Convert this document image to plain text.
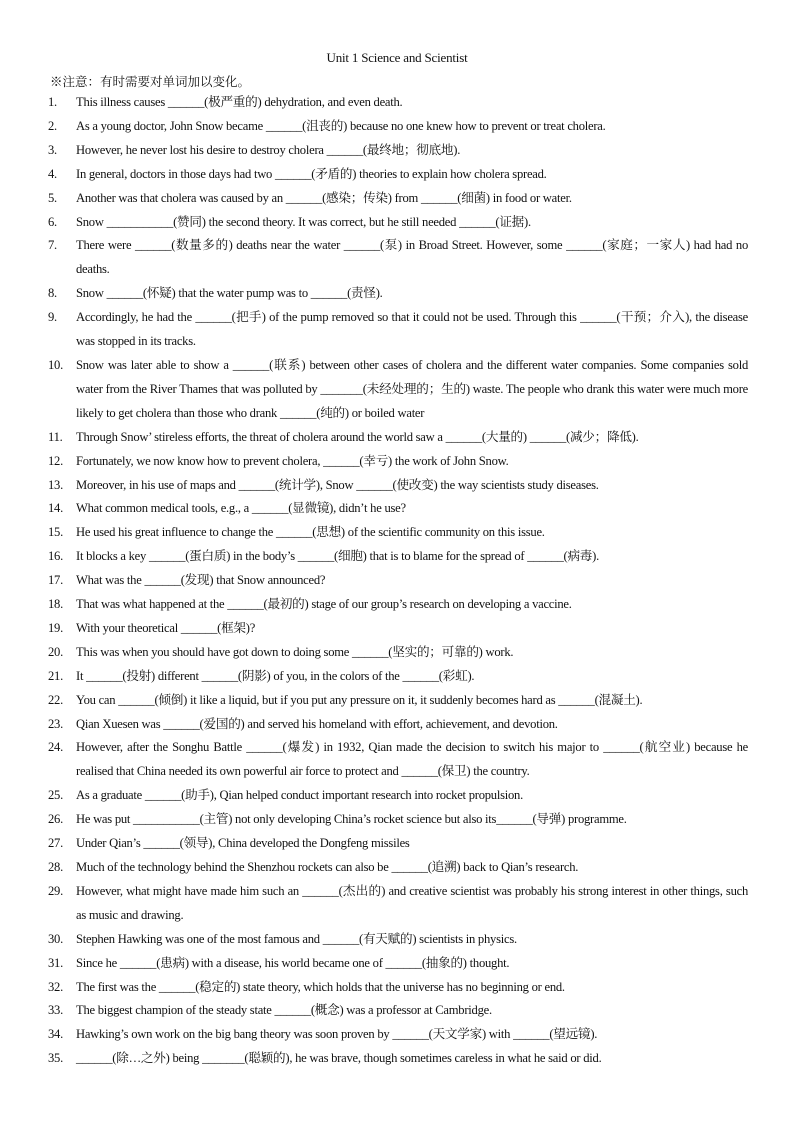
Unit 1 Science and Scientist
※注意：有时需要对单词加以变化。
1.	This illness causes ______(极严重的) dehydration, and even death.
2.	As a young doctor, John Snow became ______(沮丧的) because no one knew how to prevent or treat cholera.
3.	However, he never lost his desire to destroy cholera ______(最终地；彻底地).
4.	In general, doctors in those days had two ______(矛盾的) theories to explain how cholera spread.
5.	Another was that cholera was caused by an ______(感染；传染) from ______(细菌) in food or water.
6.	Snow ___________(赞同) the second theory. It was correct, but he still needed ______(证据).
7.	There were ______(数量多的) deaths near the water ______(泵) in Broad Street. However, some ______(家庭；一家人) had had no deaths.
8.	Snow ______(怀疑) that the water pump was to ______(责怪).
9.	Accordingly, he had the ______(把手) of the pump removed so that it could not be used. Through this ______(干预；介入), the disease was stopped in its tracks.
10.	Snow was later able to show a ______(联系) between other cases of cholera and the different water companies. Some companies sold water from the River Thames that was polluted by _______(未经处理的；生的) waste. The people who drank this water were much more likely to get cholera than those who drank ______(纯的) or boiled water
11.	Through Snow’ stireless efforts, the threat of cholera around the world saw a ______(大量的) ______(减少；降低).
12.	Fortunately, we now know how to prevent cholera, ______(幸亏) the work of John Snow.
13.	Moreover, in his use of maps and ______(统计学), Snow ______(使改变) the way scientists study diseases.
14.	What common medical tools, e.g., a ______(显微镜), didn’t he use?
15.	He used his great influence to change the ______(思想) of the scientific community on this issue.
16.	It blocks a key ______(蛋白质) in the body’s ______(细胞) that is to blame for the spread of ______(病毒).
17.	What was the ______(发现) that Snow announced?
18.	That was what happened at the ______(最初的) stage of our group’s research on developing a vaccine.
19.	With your theoretical ______(框架)?
20.	This was when you should have got down to doing some ______(坚实的；可靠的) work.
21.	It ______(投射) different ______(阴影) of you, in the colors of the ______(彩虹).
22.	You can ______(倾倒) it like a liquid, but if you put any pressure on it, it suddenly becomes hard as ______(混凝土).
23.	Qian Xuesen was ______(爱国的) and served his homeland with effort, achievement, and devotion.
24.	However, after the Songhu Battle ______(爆发) in 1932, Qian made the decision to switch his major to ______(航空业) because he realised that China needed its own powerful air force to protect and ______(保卫) the country.
25.	As a graduate ______(助手), Qian helped conduct important research into rocket propulsion.
26.	He was put ___________(主管) not only developing China’s rocket science but also its______(导弹) programme.
27.	Under Qian’s ______(领导), China developed the Dongfeng missiles
28.	Much of the technology behind the Shenzhou rockets can also be ______(追溯) back to Qian’s research.
29.	However, what might have made him such an ______(杰出的) and creative scientist was probably his strong interest in other things, such as music and drawing.
30.	Stephen Hawking was one of the most famous and ______(有天赋的) scientists in physics.
31.	Since he ______(患病) with a disease, his world became one of ______(抽象的) thought.
32.	The first was the ______(稳定的) state theory, which holds that the universe has no beginning or end.
33.	The biggest champion of the steady state ______(概念) was a professor at Cambridge.
34.	Hawking’s own work on the big bang theory was soon proven by ______(天文学家) with ______(望远镜).
35.	______(除…之外) being _______(聪颖的), he was brave, though sometimes careless in what he said or did.
